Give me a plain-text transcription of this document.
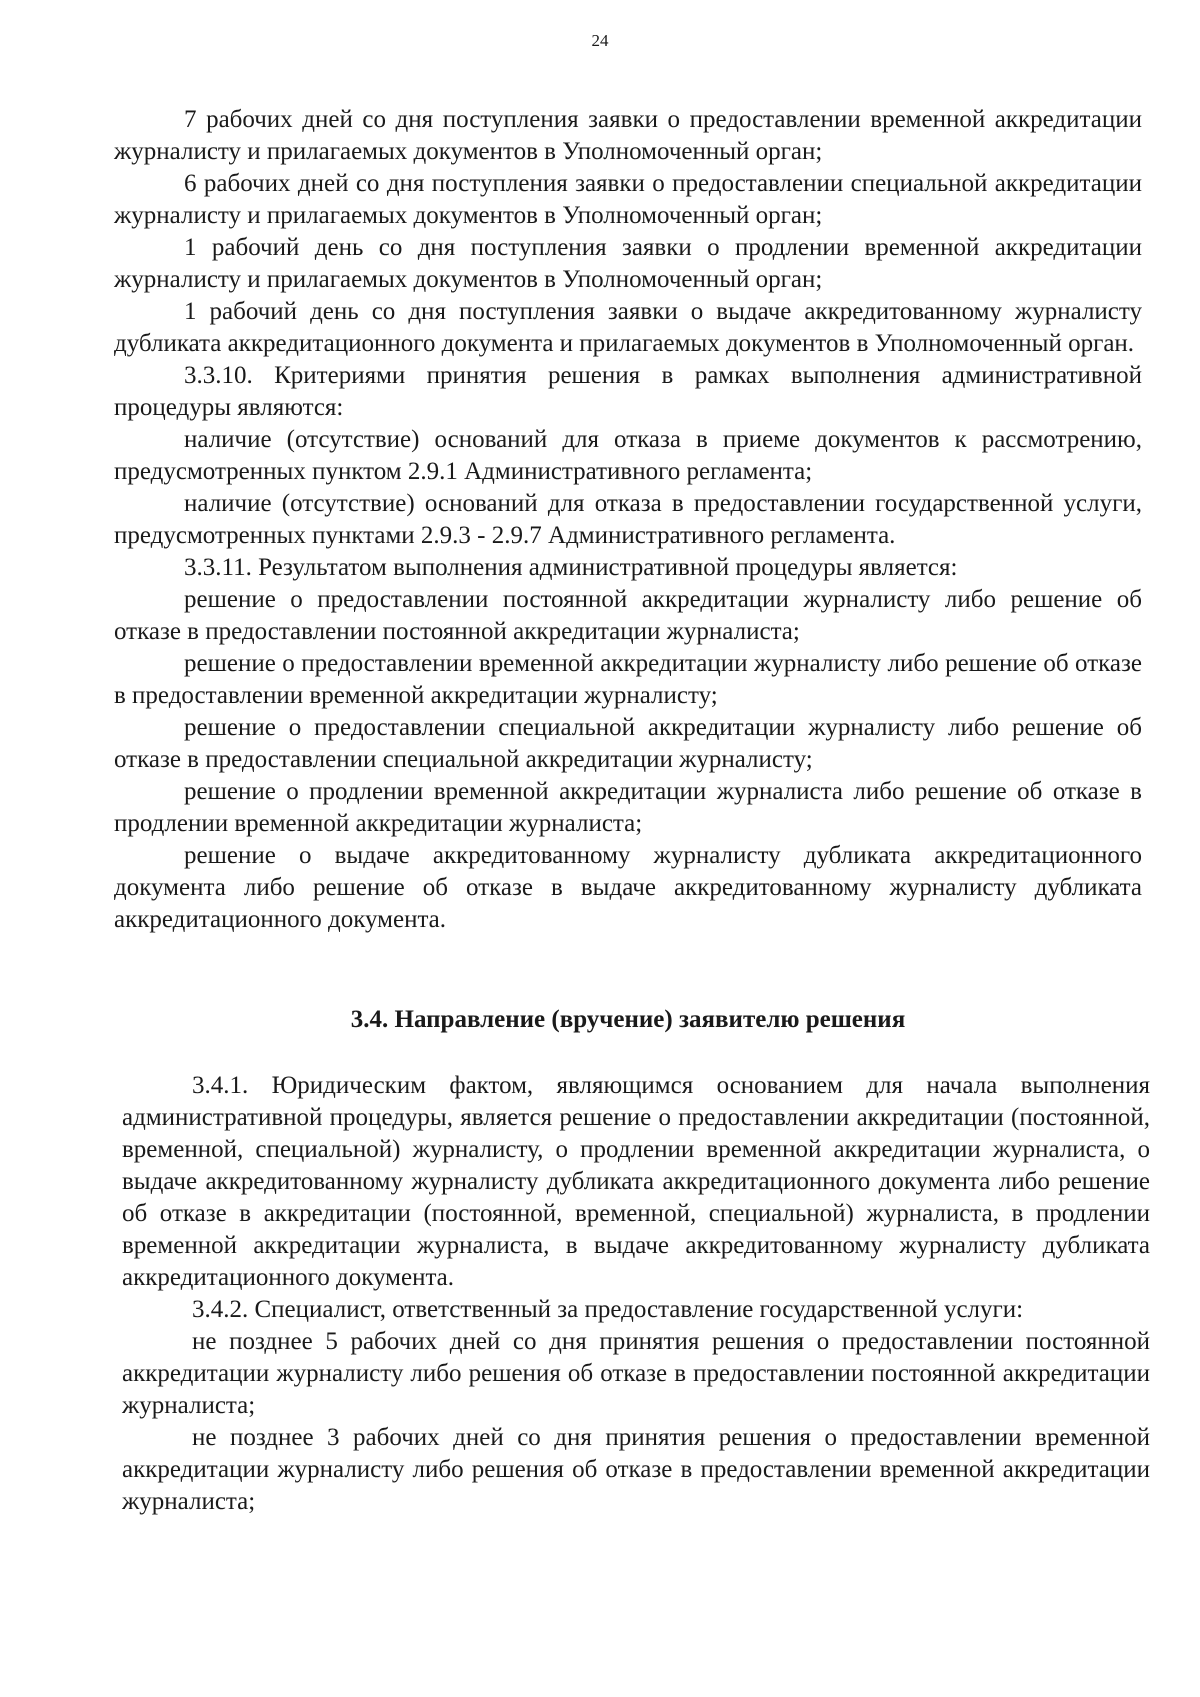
24

7 рабочих дней со дня поступления заявки о предоставлении временной аккредитации журналисту и прилагаемых документов в Уполномоченный орган;

6 рабочих дней со дня поступления заявки о предоставлении специальной аккредитации журналисту и прилагаемых документов в Уполномоченный орган;

1 рабочий день со дня поступления заявки о продлении временной аккредитации журналисту и прилагаемых документов в Уполномоченный орган;

1 рабочий день со дня поступления заявки о выдаче аккредитованному журналисту дубликата аккредитационного документа и прилагаемых документов в Уполномоченный орган.

3.3.10. Критериями принятия решения в рамках выполнения административной процедуры являются:

наличие (отсутствие) оснований для отказа в приеме документов к рассмотрению, предусмотренных пунктом 2.9.1 Административного регламента;

наличие (отсутствие) оснований для отказа в предоставлении государственной услуги, предусмотренных пунктами 2.9.3 - 2.9.7 Административного регламента.

3.3.11. Результатом выполнения административной процедуры является:

решение о предоставлении постоянной аккредитации журналисту либо решение об отказе в предоставлении постоянной аккредитации журналиста;

решение о предоставлении временной аккредитации журналисту либо решение об отказе в предоставлении временной аккредитации журналисту;

решение о предоставлении специальной аккредитации журналисту либо решение об отказе в предоставлении специальной аккредитации журналисту;

решение о продлении временной аккредитации журналиста либо решение об отказе в продлении временной аккредитации журналиста;

решение о выдаче аккредитованному журналисту дубликата аккредитационного документа либо решение об отказе в выдаче аккредитованному журналисту дубликата аккредитационного документа.

3.4. Направление (вручение) заявителю решения

3.4.1. Юридическим фактом, являющимся основанием для начала выполнения административной процедуры, является решение о предоставлении аккредитации (постоянной, временной, специальной) журналисту, о продлении временной аккредитации журналиста, о выдаче аккредитованному журналисту дубликата аккредитационного документа либо решение об отказе в аккредитации (постоянной, временной, специальной) журналиста, в продлении временной аккредитации журналиста, в выдаче аккредитованному журналисту дубликата аккредитационного документа.

3.4.2. Специалист, ответственный за предоставление государственной услуги:

не позднее 5 рабочих дней со дня принятия решения о предоставлении постоянной аккредитации журналисту либо решения об отказе в предоставлении постоянной аккредитации журналиста;

не позднее 3 рабочих дней со дня принятия решения о предоставлении временной аккредитации журналисту либо решения об отказе в предоставлении временной аккредитации журналиста;
